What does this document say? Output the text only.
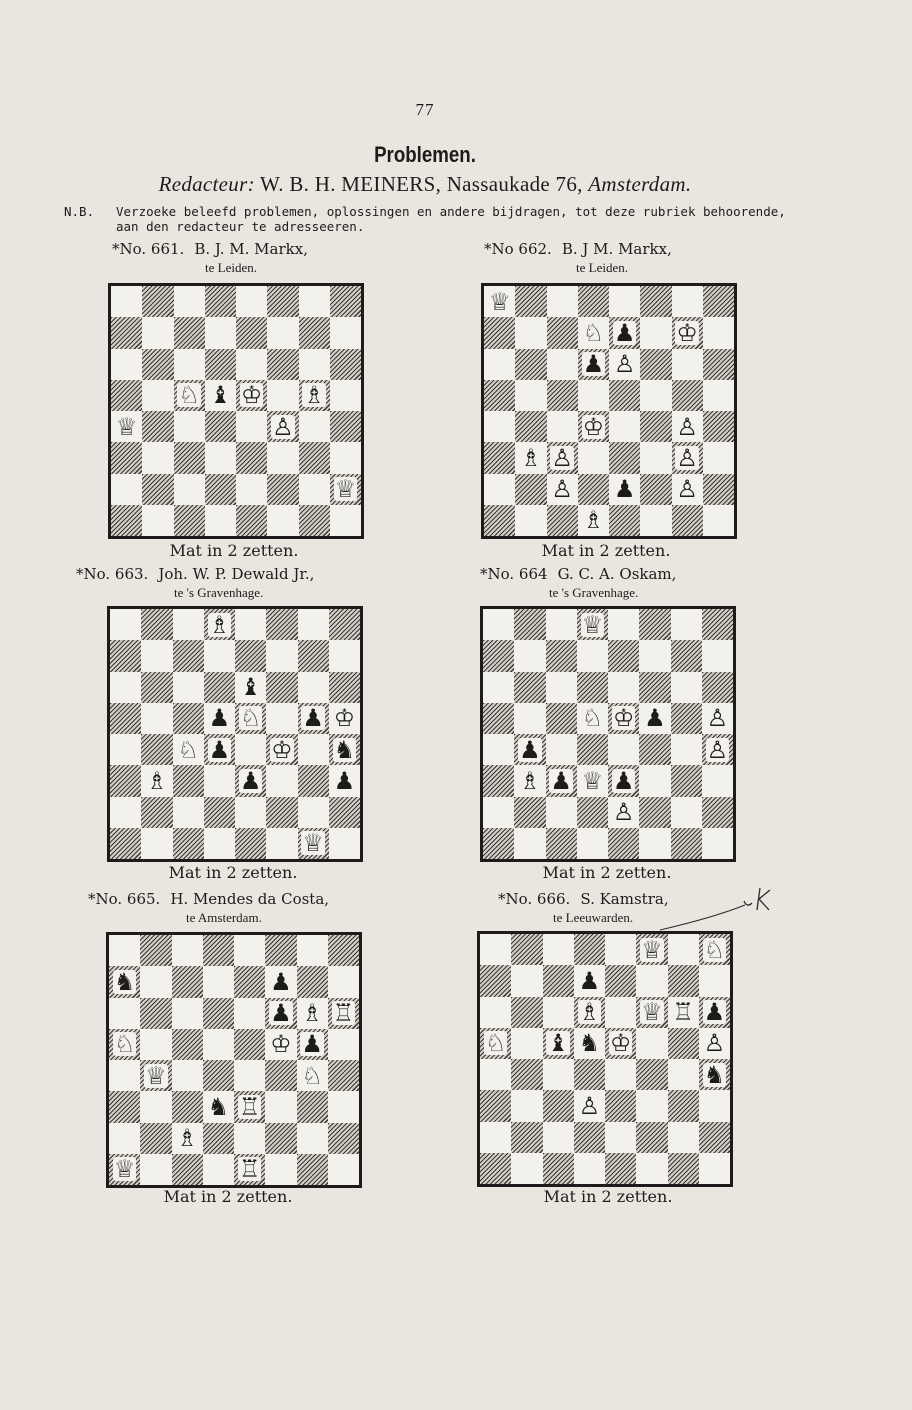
77
Problemen.
Redacteur: W. B. H. MEINERS, Nassaukade 76, Amsterdam.
N.B. Verzoeke beleefd problemen, oplossingen en andere bijdragen, tot deze rubriek behoorende, aan den redacteur te adresseeren.
*No. 661. B. J. M. Markx,
te Leiden.
♘ ♝ ♔ ♗
♕	♙
♕
Mat in 2 zetten.
*No 662. B. J M. Markx,
te Leiden.
♕
♘ ♟ ♔
♟ ♙
♔	♙
♗ ♙	♙
♙ ♟ ♙
♗
Mat in 2 zetten.
*No. 663. Joh. W. P. Dewald Jr.,
te 's Gravenhage.
♗
♝
♟ ♘ ♟ ♔
♘ ♟ ♔ ♞
♗	♟	♟
♕
Mat in 2 zetten.
*No. 664 G. C. A. Oskam,
te 's Gravenhage.
♕
♘ ♔ ♟ ♙
♟	♙
♗ ♟ ♕ ♟
♙
Mat in 2 zetten.
*No. 665. H. Mendes da Costa,
te Amsterdam.
♞	♟
♟ ♗ ♖
♘	♔ ♟
♕	♘
♞ ♖
♗
♕	♖
Mat in 2 zetten.
*No. 666. S. Kamstra,
te Leeuwarden.
♕ ♘
♟
♗ ♕ ♖ ♟
♘ ♝ ♞ ♔	♙
♞
♙
Mat in 2 zetten.
